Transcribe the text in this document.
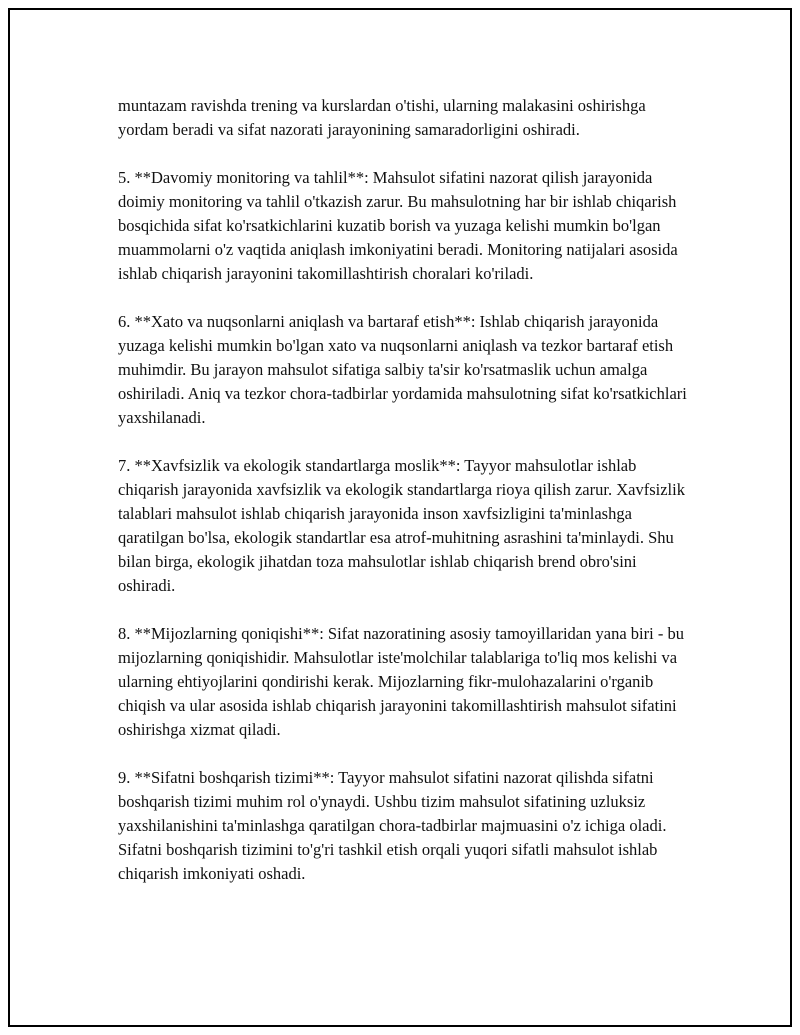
muntazam ravishda trening va kurslardan o'tishi, ularning malakasini oshirishga yordam beradi va sifat nazorati jarayonining samaradorligini oshiradi.

5. **Davomiy monitoring va tahlil**: Mahsulot sifatini nazorat qilish jarayonida doimiy monitoring va tahlil o'tkazish zarur. Bu mahsulotning har bir ishlab chiqarish bosqichida sifat ko'rsatkichlarini kuzatib borish va yuzaga kelishi mumkin bo'lgan muammolarni o'z vaqtida aniqlash imkoniyatini beradi. Monitoring natijalari asosida ishlab chiqarish jarayonini takomillashtirish choralari ko'riladi.

6. **Xato va nuqsonlarni aniqlash va bartaraf etish**: Ishlab chiqarish jarayonida yuzaga kelishi mumkin bo'lgan xato va nuqsonlarni aniqlash va tezkor bartaraf etish muhimdir. Bu jarayon mahsulot sifatiga salbiy ta'sir ko'rsatmaslik uchun amalga oshiriladi. Aniq va tezkor chora-tadbirlar yordamida mahsulotning sifat ko'rsatkichlari yaxshilanadi.

7. **Xavfsizlik va ekologik standartlarga moslik**: Tayyor mahsulotlar ishlab chiqarish jarayonida xavfsizlik va ekologik standartlarga rioya qilish zarur. Xavfsizlik talablari mahsulot ishlab chiqarish jarayonida inson xavfsizligini ta'minlashga qaratilgan bo'lsa, ekologik standartlar esa atrof-muhitning asrashini ta'minlaydi. Shu bilan birga, ekologik jihatdan toza mahsulotlar ishlab chiqarish brend obro'sini oshiradi.

8. **Mijozlarning qoniqishi**: Sifat nazoratining asosiy tamoyillaridan yana biri - bu mijozlarning qoniqishidir. Mahsulotlar iste'molchilar talablariga to'liq mos kelishi va ularning ehtiyojlarini qondirishi kerak. Mijozlarning fikr-mulohazalarini o'rganib chiqish va ular asosida ishlab chiqarish jarayonini takomillashtirish mahsulot sifatini oshirishga xizmat qiladi.

9. **Sifatni boshqarish tizimi**: Tayyor mahsulot sifatini nazorat qilishda sifatni boshqarish tizimi muhim rol o'ynaydi. Ushbu tizim mahsulot sifatining uzluksiz yaxshilanishini ta'minlashga qaratilgan chora-tadbirlar majmuasini o'z ichiga oladi. Sifatni boshqarish tizimini to'g'ri tashkil etish orqali yuqori sifatli mahsulot ishlab chiqarish imkoniyati oshadi.
